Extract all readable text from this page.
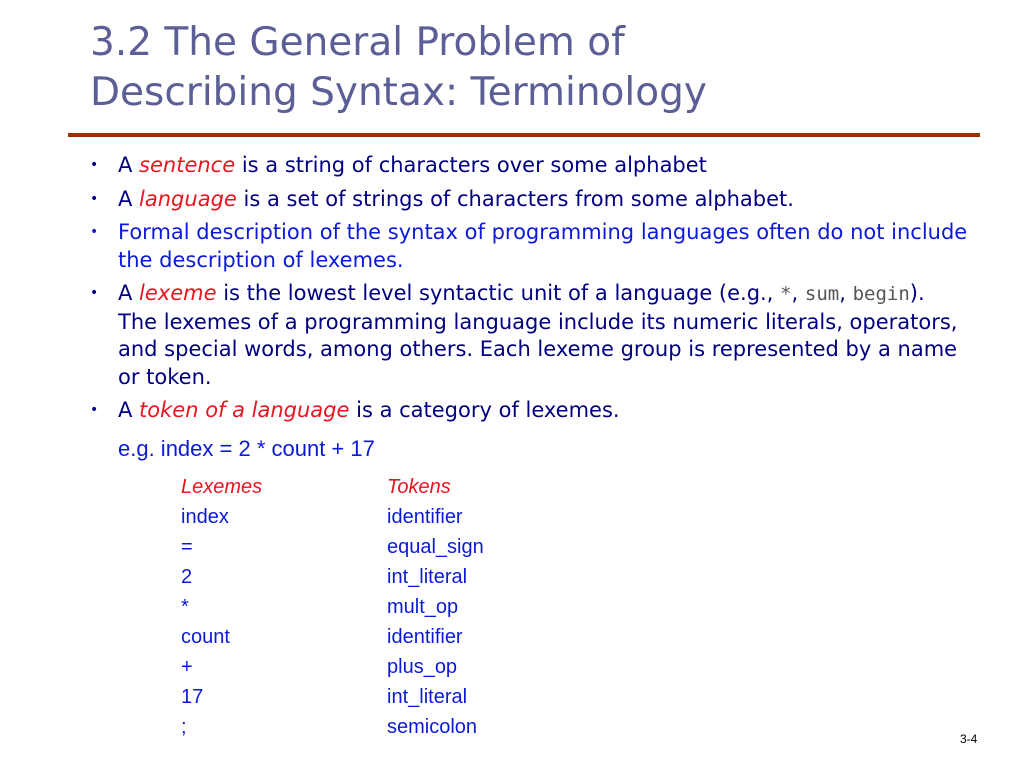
3.2 The General Problem of
Describing Syntax: Terminology
• A sentence is a string of characters over some alphabet
• A language is a set of strings of characters from some alphabet.
• Formal description of the syntax of programming languages often do not include the description of lexemes.
• A lexeme is the lowest level syntactic unit of a language (e.g., *, sum, begin). The lexemes of a programming language include its numeric literals, operators, and special words, among others. Each lexeme group is represented by a name or token.
• A token of a language is a category of lexemes.
e.g. index = 2 * count + 17
Lexemes	Tokens
index	identifier
=	equal_sign
2	int_literal
*	mult_op
count	identifier
+	plus_op
17	int_literal
;	semicolon
3-4
